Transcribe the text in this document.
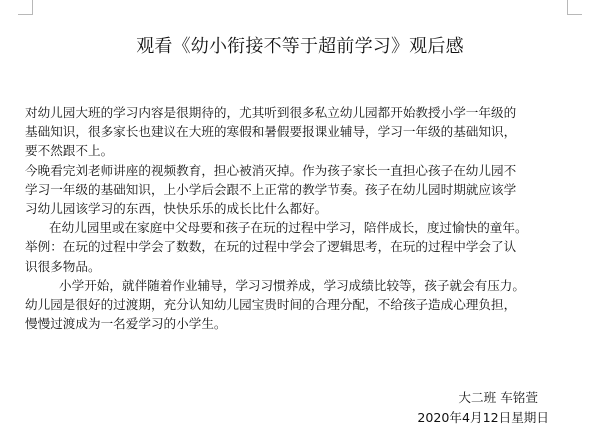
观看《幼小衔接不等于超前学习》观后感

对幼儿园大班的学习内容是很期待的，尤其听到很多私立幼儿园都开始教授小学一年级的

基础知识，很多家长也建议在大班的寒假和暑假要报课业辅导，学习一年级的基础知识，

要不然跟不上。

今晚看完刘老师讲座的视频教育，担心被消灭掉。作为孩子家长一直担心孩子在幼儿园不

学习一年级的基础知识，上小学后会跟不上正常的教学节奏。孩子在幼儿园时期就应该学

习幼儿园该学习的东西，快快乐乐的成长比什么都好。

在幼儿园里或在家庭中父母要和孩子在玩的过程中学习，陪伴成长，度过愉快的童年。

举例：在玩的过程中学会了数数，在玩的过程中学会了逻辑思考，在玩的过程中学会了认

识很多物品。

小学开始，就伴随着作业辅导，学习习惯养成，学习成绩比较等，孩子就会有压力。

幼儿园是很好的过渡期，充分认知幼儿园宝贵时间的合理分配，不给孩子造成心理负担，

慢慢过渡成为一名爱学习的小学生。

大二班 车铭萱
2020年4月12日星期日
